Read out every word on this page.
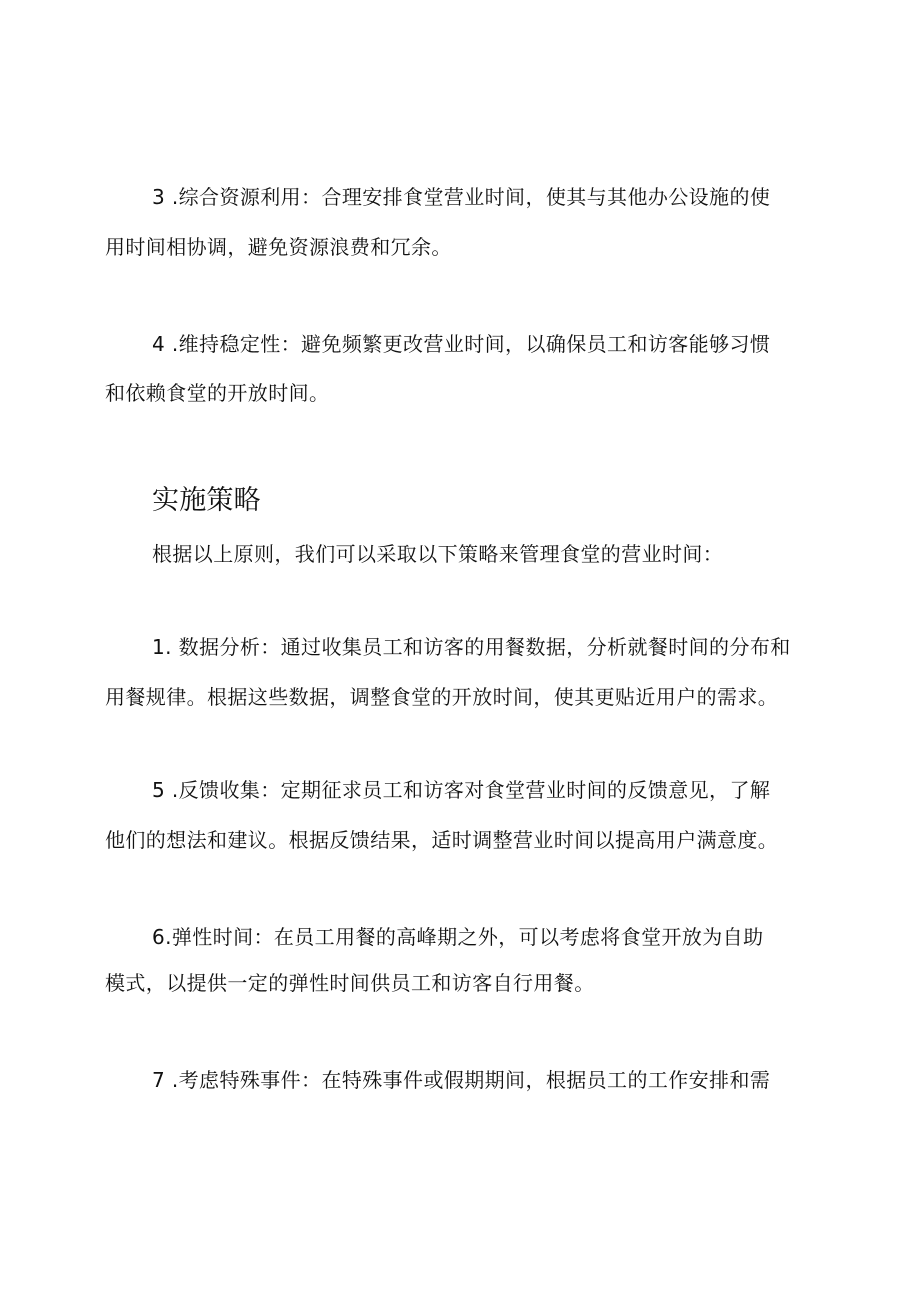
3 .综合资源利用：合理安排食堂营业时间，使其与其他办公设施的使
用时间相协调，避免资源浪费和冗余。
4 .维持稳定性：避免频繁更改营业时间，以确保员工和访客能够习惯
和依赖食堂的开放时间。
实施策略
根据以上原则，我们可以采取以下策略来管理食堂的营业时间：
1. 数据分析：通过收集员工和访客的用餐数据，分析就餐时间的分布和
用餐规律。根据这些数据，调整食堂的开放时间，使其更贴近用户的需求。
5 .反馈收集：定期征求员工和访客对食堂营业时间的反馈意见，了解
他们的想法和建议。根据反馈结果，适时调整营业时间以提高用户满意度。
6.弹性时间：在员工用餐的高峰期之外，可以考虑将食堂开放为自助
模式，以提供一定的弹性时间供员工和访客自行用餐。
7 .考虑特殊事件：在特殊事件或假期期间，根据员工的工作安排和需
